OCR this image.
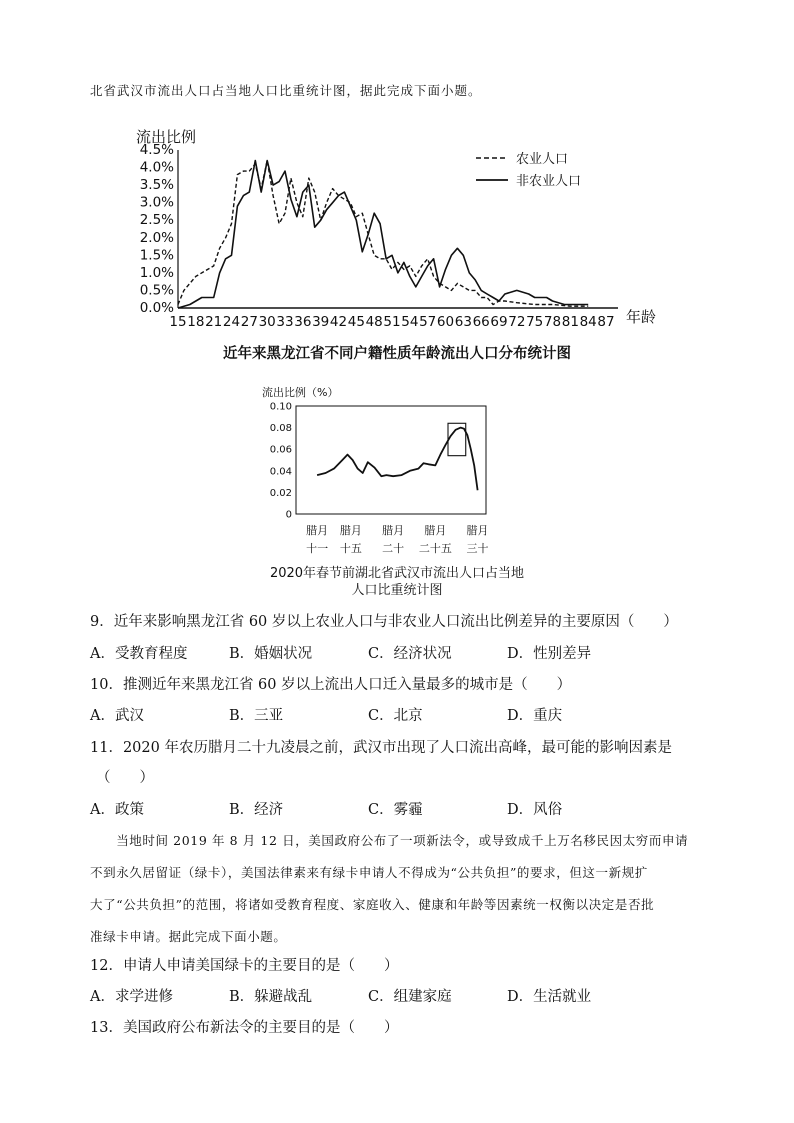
北省武汉市流出人口占当地人口比重统计图，据此完成下面小题。
流出比例
4.5%
4.0%
3.5%
3.0%
2.5%
2.0%
1.5%
1.0%
0.5%
0.0%
15 18 21 24 27 30 33 36 39 42 45 48 51 54 57 60 63 66 69 72 75 78 81 84 87 年龄
农业人口
非农业人口
近年来黑龙江省不同户籍性质年龄流出人口分布统计图
流出比例（%）
0.10
0.08
0.06
0.04
0.02
0
腊月
十一
腊月
十五
腊月
二十
腊月
二十五
腊月
三十
2020年春节前湖北省武汉市流出人口占当地
人口比重统计图
9．近年来影响黑龙江省 60 岁以上农业人口与非农业人口流出比例差异的主要原因（　　）
A．受教育程度	B．婚姻状况	C．经济状况	D．性别差异
10．推测近年来黑龙江省 60 岁以上流出人口迁入量最多的城市是（　　）
A．武汉	B．三亚	C．北京	D．重庆
11．2020 年农历腊月二十九凌晨之前，武汉市出现了人口流出高峰，最可能的影响因素是
（　　）
A．政策	B．经济	C．雾霾	D．风俗
　　当地时间 2019 年 8 月 12 日，美国政府公布了一项新法令，或导致成千上万名移民因太穷而申请
不到永久居留证（绿卡），美国法律素来有绿卡申请人不得成为“公共负担”的要求，但这一新规扩
大了“公共负担”的范围，将诸如受教育程度、家庭收入、健康和年龄等因素统一权衡以决定是否批
准绿卡申请。据此完成下面小题。
12．申请人申请美国绿卡的主要目的是（　　）
A．求学进修	B．躲避战乱	C．组建家庭	D．生活就业
13．美国政府公布新法令的主要目的是（　　）
